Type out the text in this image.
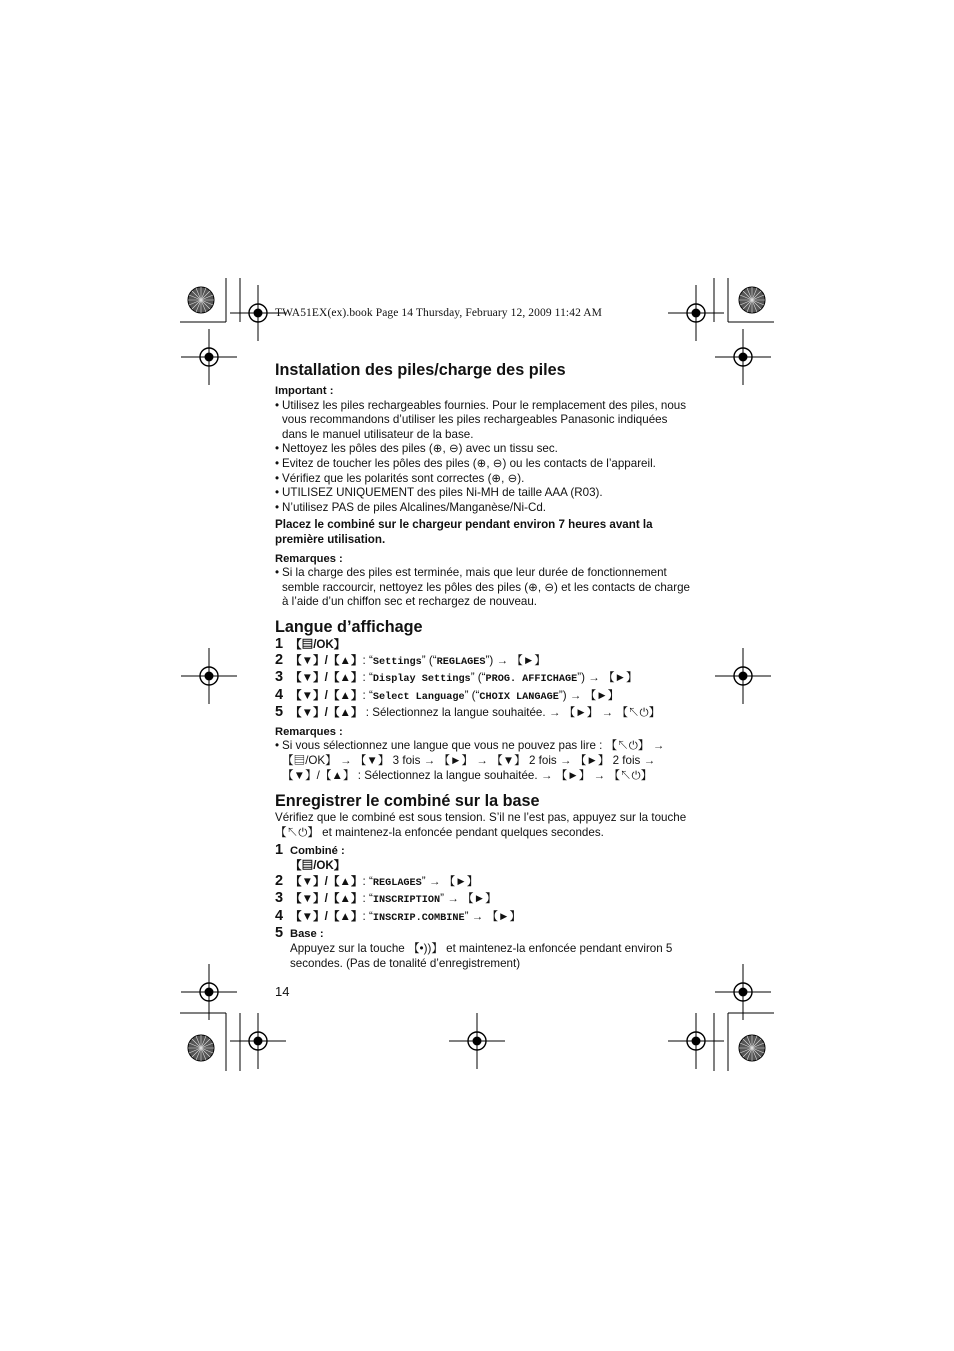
TWA51EX(ex).book Page 14 Thursday, February 12, 2009 11:42 AM
Installation des piles/charge des piles
Important :
• Utilisez les piles rechargeables fournies. Pour le remplacement des piles, nous vous recommandons d’utiliser les piles rechargeables Panasonic indiquées dans le manuel utilisateur de la base.
• Nettoyez les pôles des piles (⊕, ⊖) avec un tissu sec.
• Evitez de toucher les pôles des piles (⊕, ⊖) ou les contacts de l’appareil.
• Vérifiez que les polarités sont correctes (⊕, ⊖).
• UTILISEZ UNIQUEMENT des piles Ni-MH de taille AAA (R03).
• N’utilisez PAS de piles Alcalines/Manganèse/Ni-Cd.
Placez le combiné sur le chargeur pendant environ 7 heures avant la première utilisation.
Remarques :
• Si la charge des piles est terminée, mais que leur durée de fonctionnement semble raccourcir, nettoyez les pôles des piles (⊕, ⊖) et les contacts de charge à l’aide d’un chiffon sec et rechargez de nouveau.
Langue d’affichage
1 【▤/OK】
2 【▼】/【▲】: “Settings” (“REGLAGES”) → 【►】
3 【▼】/【▲】: “Display Settings” (“PROG. AFFICHAGE”) → 【►】
4 【▼】/【▲】: “Select Language” (“CHOIX LANGAGE”) → 【►】
5 【▼】/【▲】 : Sélectionnez la langue souhaitée. → 【►】 → 【↖⏻】
Remarques :
• Si vous sélectionnez une langue que vous ne pouvez pas lire : 【↖⏻】 → 【▤/OK】 → 【▼】 3 fois → 【►】 → 【▼】 2 fois → 【►】 2 fois → 【▼】/【▲】 : Sélectionnez la langue souhaitée. → 【►】 → 【↖⏻】
Enregistrer le combiné sur la base
Vérifiez que le combiné est sous tension. S’il ne l’est pas, appuyez sur la touche 【↖⏻】 et maintenez-la enfoncée pendant quelques secondes.
1 Combiné :
【▤/OK】
2 【▼】/【▲】: “REGLAGES” → 【►】
3 【▼】/【▲】: “INSCRIPTION” → 【►】
4 【▼】/【▲】: “INSCRIP.COMBINE” → 【►】
5 Base :
Appuyez sur la touche 【•))】 et maintenez-la enfoncée pendant environ 5 secondes. (Pas de tonalité d’enregistrement)
14
